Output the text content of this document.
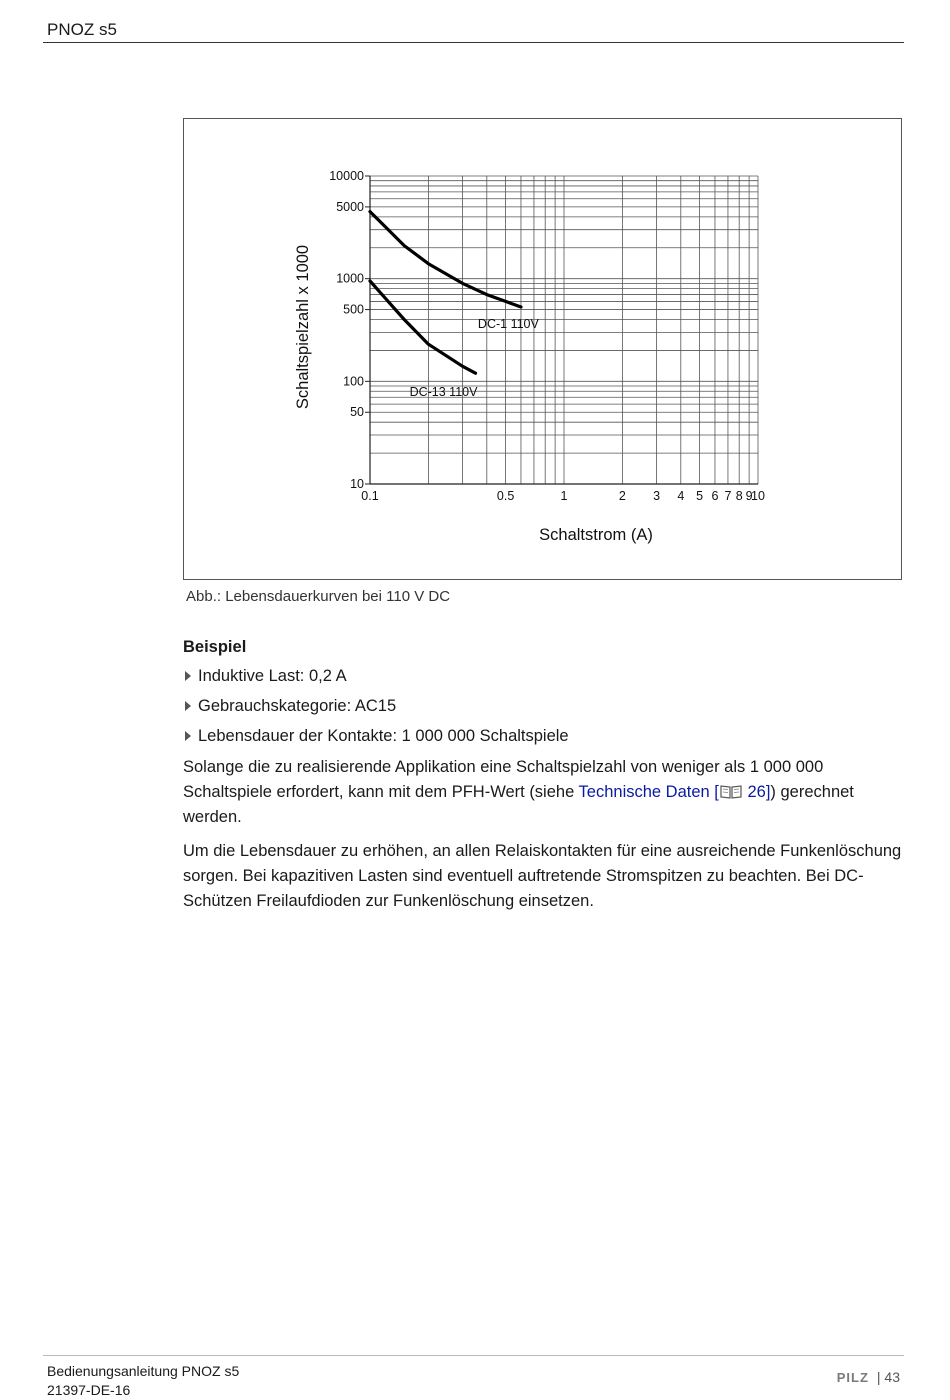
PNOZ s5
10
50
100
500
1000
5000
10000
0.1	0.5	1	2 3 4 5 6 7 8 9
10
DC-1 110V
DC-13 110V
Schaltstrom (A)
Schaltspielzahl x 1000
Abb.: Lebensdauerkurven bei 110 V DC
Beispiel
Induktive Last: 0,2 A
Gebrauchskategorie: AC15
Lebensdauer der Kontakte: 1 000 000 Schaltspiele

Solange die zu realisierende Applikation eine Schaltspielzahl von weniger als 1 000 000 Schaltspiele erfordert, kann mit dem PFH-Wert (siehe Technische Daten [ 26]) gerechnet werden.

Um die Lebensdauer zu erhöhen, an allen Relaiskontakten für eine ausreichende Funkenlöschung sorgen. Bei kapazitiven Lasten sind eventuell auftretende Stromspitzen zu beachten. Bei DC-Schützen Freilaufdioden zur Funkenlöschung einsetzen.

Bedienungsanleitung PNOZ s5
21397-DE-16
PILZ | 43
